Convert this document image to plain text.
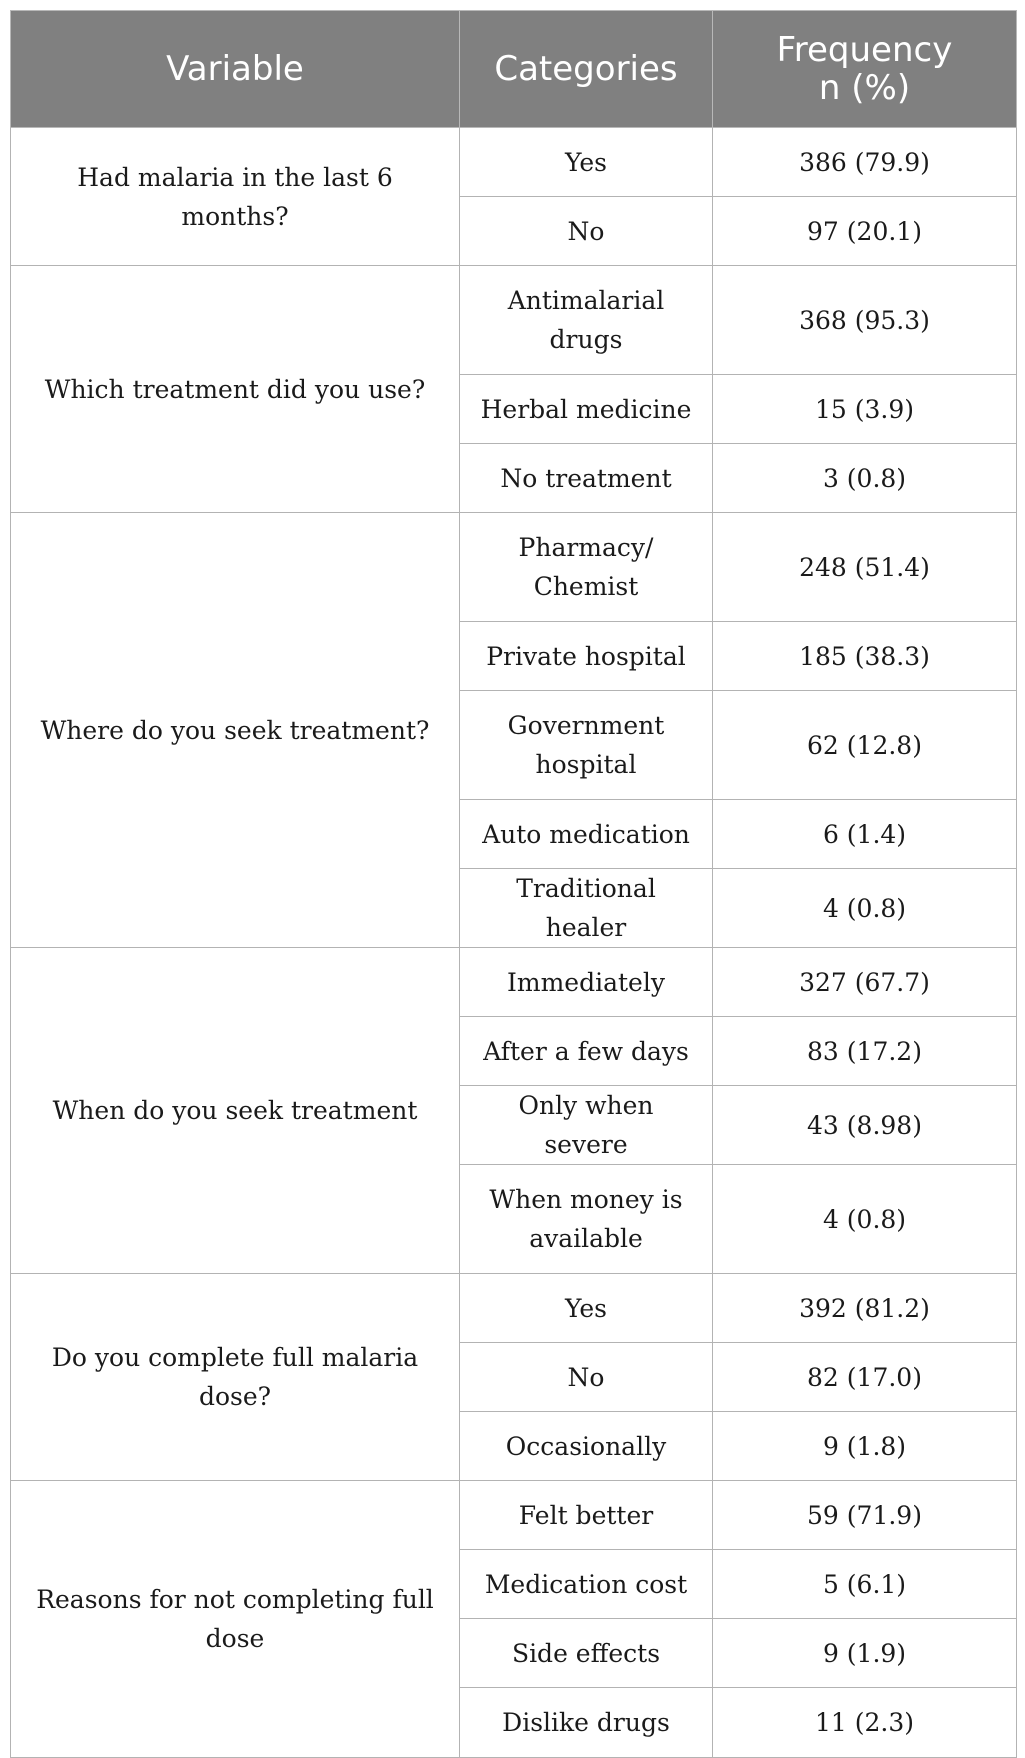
Variable	Categories	Frequency
n (%)
Had malaria in the last 6 months?	Yes	386 (79.9)
	No	97 (20.1)
Which treatment did you use?	Antimalarial drugs	368 (95.3)
	Herbal medicine	15 (3.9)
	No treatment	3 (0.8)
Where do you seek treatment?	Pharmacy/ Chemist	248 (51.4)
	Private hospital	185 (38.3)
	Government hospital	62 (12.8)
	Auto medication	6 (1.4)
	Traditional healer	4 (0.8)
When do you seek treatment	Immediately	327 (67.7)
	After a few days	83 (17.2)
	Only when severe	43 (8.98)
	When money is available	4 (0.8)
Do you complete full malaria dose?	Yes	392 (81.2)
	No	82 (17.0)
	Occasionally	9 (1.8)
Reasons for not completing full dose	Felt better	59 (71.9)
	Medication cost	5 (6.1)
	Side effects	9 (1.9)
	Dislike drugs	11 (2.3)
